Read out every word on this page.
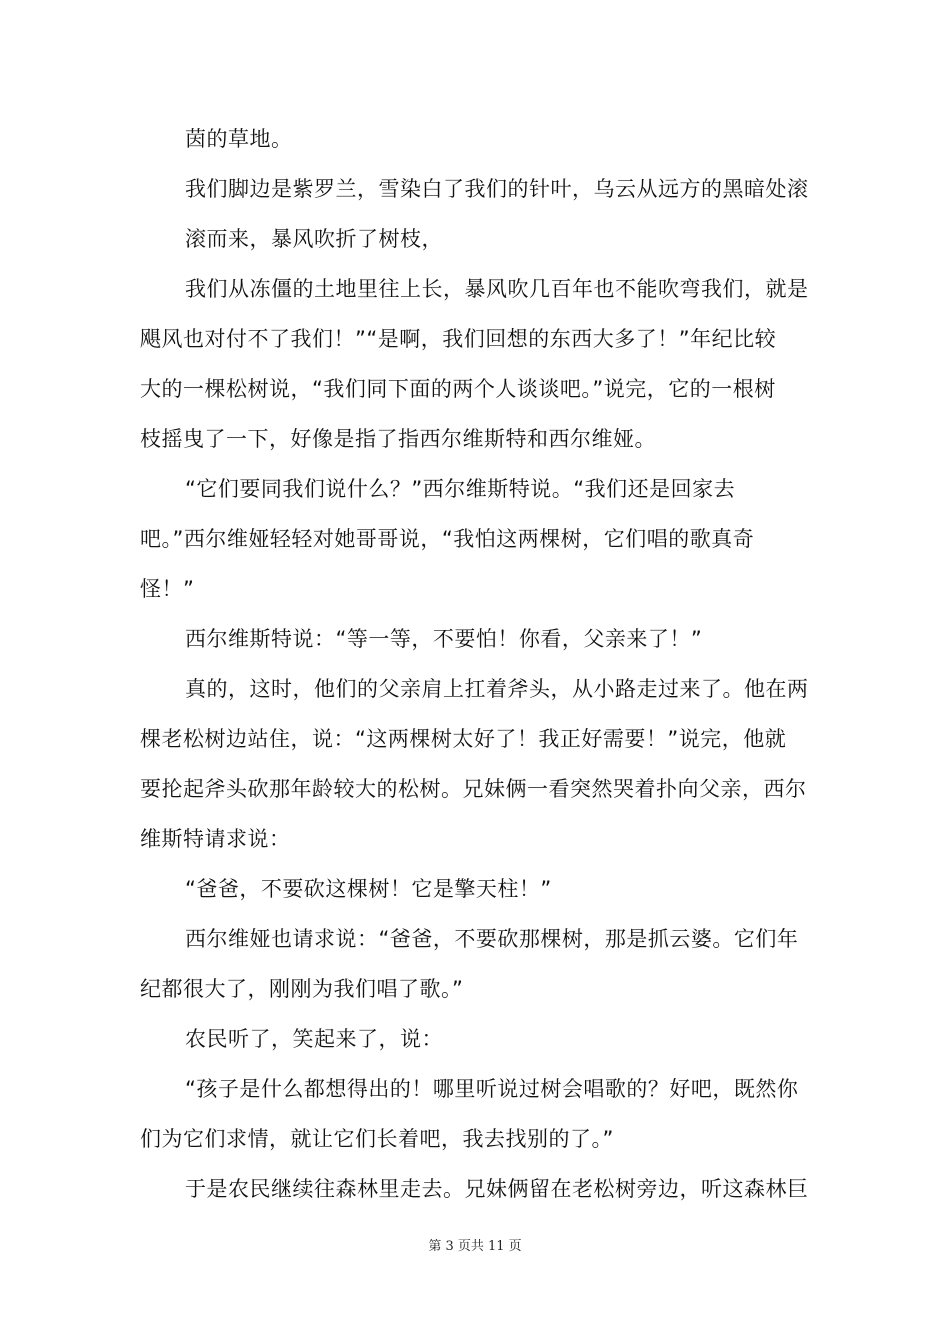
茵的草地。
我们脚边是紫罗兰，雪染白了我们的针叶，乌云从远方的黑暗处滚
滚而来，暴风吹折了树枝，
我们从冻僵的土地里往上长，暴风吹几百年也不能吹弯我们，就是
飓风也对付不了我们！”“是啊，我们回想的东西大多了！”年纪比较
大的一棵松树说，“我们同下面的两个人谈谈吧。”说完，它的一根树
枝摇曳了一下，好像是指了指西尔维斯特和西尔维娅。
“它们要同我们说什么？”西尔维斯特说。“我们还是回家去
吧。”西尔维娅轻轻对她哥哥说，“我怕这两棵树，它们唱的歌真奇
怪！”
西尔维斯特说：“等一等，不要怕！你看，父亲来了！”
真的，这时，他们的父亲肩上扛着斧头，从小路走过来了。他在两
棵老松树边站住，说：“这两棵树太好了！我正好需要！”说完，他就
要抡起斧头砍那年龄较大的松树。兄妹俩一看突然哭着扑向父亲，西尔
维斯特请求说：
“爸爸，不要砍这棵树！它是擎天柱！”
西尔维娅也请求说：“爸爸，不要砍那棵树，那是抓云婆。它们年
纪都很大了，刚刚为我们唱了歌。”
农民听了，笑起来了，说：
“孩子是什么都想得出的！哪里听说过树会唱歌的？好吧，既然你
们为它们求情，就让它们长着吧，我去找别的了。”
于是农民继续往森林里走去。兄妹俩留在老松树旁边，听这森林巨
第 3 页共 11 页
